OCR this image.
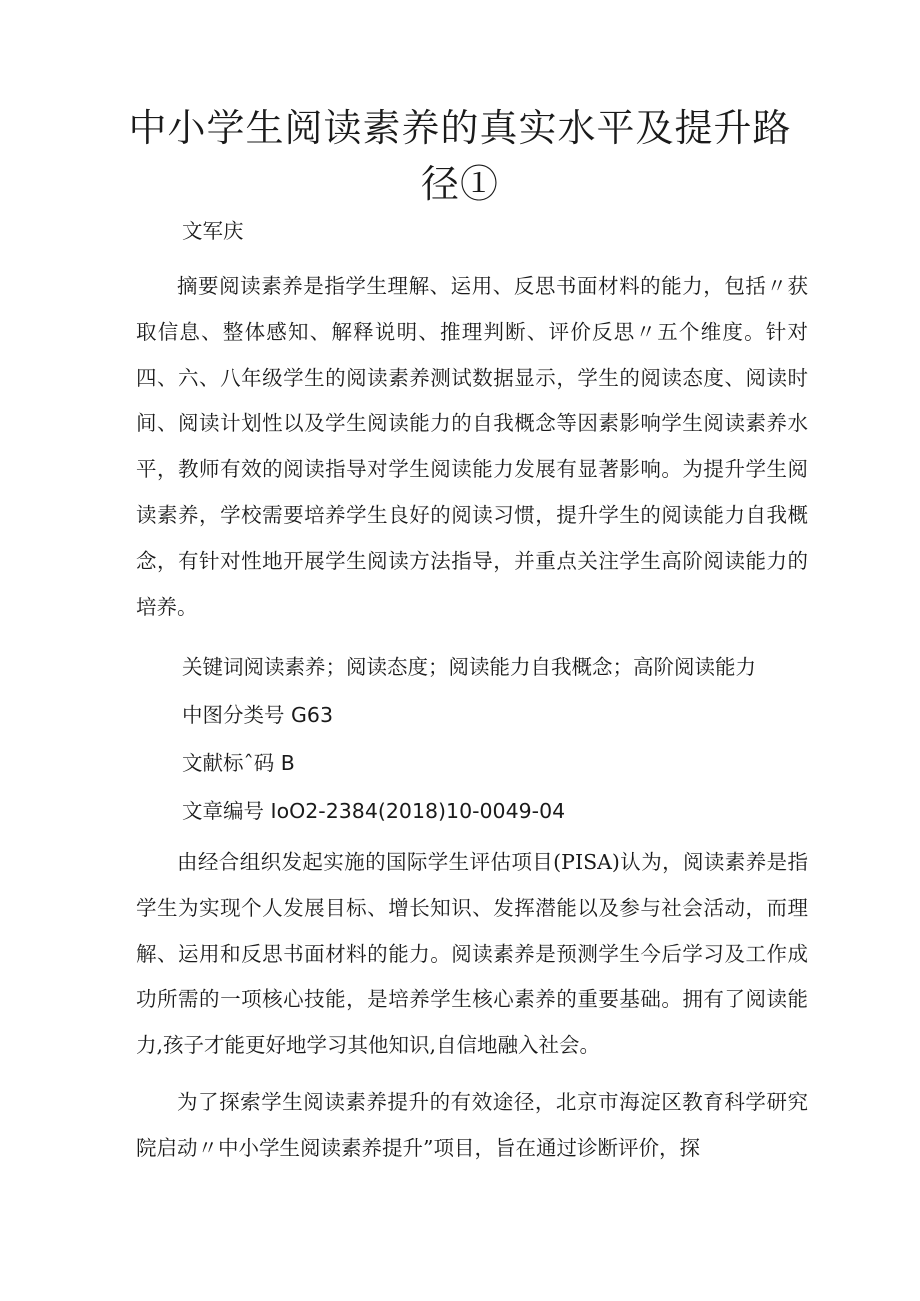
中小学生阅读素养的真实水平及提升路径①

文军庆

摘要阅读素养是指学生理解、运用、反思书面材料的能力，包括〃获取信息、整体感知、解释说明、推理判断、评价反思〃五个维度。针对四、六、八年级学生的阅读素养测试数据显示，学生的阅读态度、阅读时间、阅读计划性以及学生阅读能力的自我概念等因素影响学生阅读素养水平，教师有效的阅读指导对学生阅读能力发展有显著影响。为提升学生阅读素养，学校需要培养学生良好的阅读习惯，提升学生的阅读能力自我概念，有针对性地开展学生阅读方法指导，并重点关注学生高阶阅读能力的培养。

关键词阅读素养；阅读态度；阅读能力自我概念；高阶阅读能力

中图分类号 G63

文献标ˆ码 B

文章编号 IoO2-2384(2018)10-0049-04

由经合组织发起实施的国际学生评估项目(PISA)认为，阅读素养是指学生为实现个人发展目标、增长知识、发挥潜能以及参与社会活动，而理解、运用和反思书面材料的能力。阅读素养是预测学生今后学习及工作成功所需的一项核心技能，是培养学生核心素养的重要基础。拥有了阅读能力,孩子才能更好地学习其他知识,自信地融入社会。

为了探索学生阅读素养提升的有效途径，北京市海淀区教育科学研究院启动〃中小学生阅读素养提升”项目，旨在通过诊断评价，探
